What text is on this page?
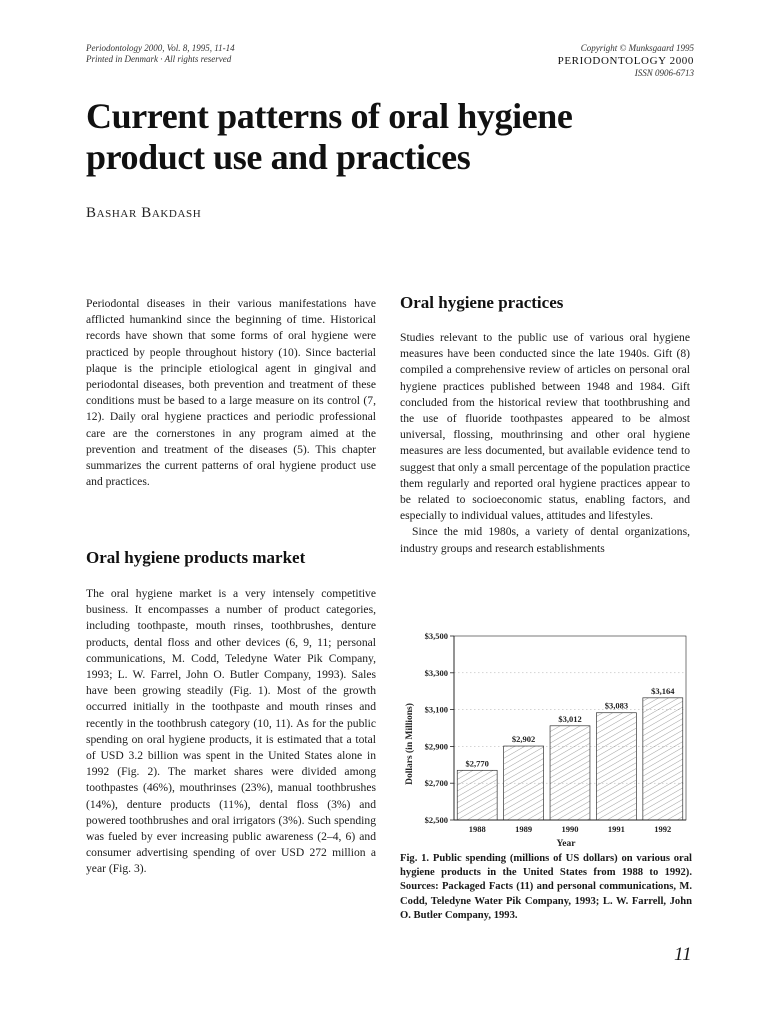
Periodontology 2000, Vol. 8, 1995, 11-14
Printed in Denmark · All rights reserved
Copyright © Munksgaard 1995
PERIODONTOLOGY 2000
ISSN 0906-6713
Current patterns of oral hygiene
product use and practices
Bashar Bakdash

Periodontal diseases in their various manifestations have afflicted humankind since the beginning of time. Historical records have shown that some forms of oral hygiene were practiced by people throughout history (10). Since bacterial plaque is the principle etiological agent in gingival and periodontal diseases, both prevention and treatment of these conditions must be based to a large measure on its control (7, 12). Daily oral hygiene practices and periodic professional care are the cornerstones in any program aimed at the prevention and treatment of the diseases (5). This chapter summarizes the current patterns of oral hygiene product use and practices.

Oral hygiene products market

The oral hygiene market is a very intensely competitive business. It encompasses a number of product categories, including toothpaste, mouth rinses, toothbrushes, denture products, dental floss and other devices (6, 9, 11; personal communications, M. Codd, Teledyne Water Pik Company, 1993; L. W. Farrel, John O. Butler Company, 1993). Sales have been growing steadily (Fig. 1). Most of the growth occurred initially in the toothpaste and mouth rinses and recently in the toothbrush category (10, 11). As for the public spending on oral hygiene products, it is estimated that a total of USD 3.2 billion was spent in the United States alone in 1992 (Fig. 2). The market shares were divided among toothpastes (46%), mouthrinses (23%), manual toothbrushes (14%), denture products (11%), dental floss (3%) and powered toothbrushes and oral irrigators (3%). Such spending was fueled by ever increasing public awareness (2–4, 6) and consumer advertising spending of over USD 272 million a year (Fig. 3).

Oral hygiene practices

Studies relevant to the public use of various oral hygiene measures have been conducted since the late 1940s. Gift (8) compiled a comprehensive review of articles on personal oral hygiene practices published between 1948 and 1984. Gift concluded from the historical review that toothbrushing and the use of fluoride toothpastes appeared to be almost universal, flossing, mouthrinsing and other oral hygiene measures are less documented, but available evidence tend to suggest that only a small percentage of the population practice them regularly and reported oral hygiene practices appear to be related to socioeconomic status, enabling factors, and especially to individual values, attitudes and lifestyles.

Since the mid 1980s, a variety of dental organizations, industry groups and research establishments

$2,500
$2,700
$2,900
$3,100
$3,300
$3,500
1988	1989	1990	1991	1992
$2,770
$2,902
$3,012
$3,083
$3,164
Dollars (in Millions)
Year

Fig. 1. Public spending (millions of US dollars) on various oral hygiene products in the United States from 1988 to 1992). Sources: Packaged Facts (11) and personal communications, M. Codd, Teledyne Water Pik Company, 1993; L. W. Farrell, John O. Butler Company, 1993.

11
